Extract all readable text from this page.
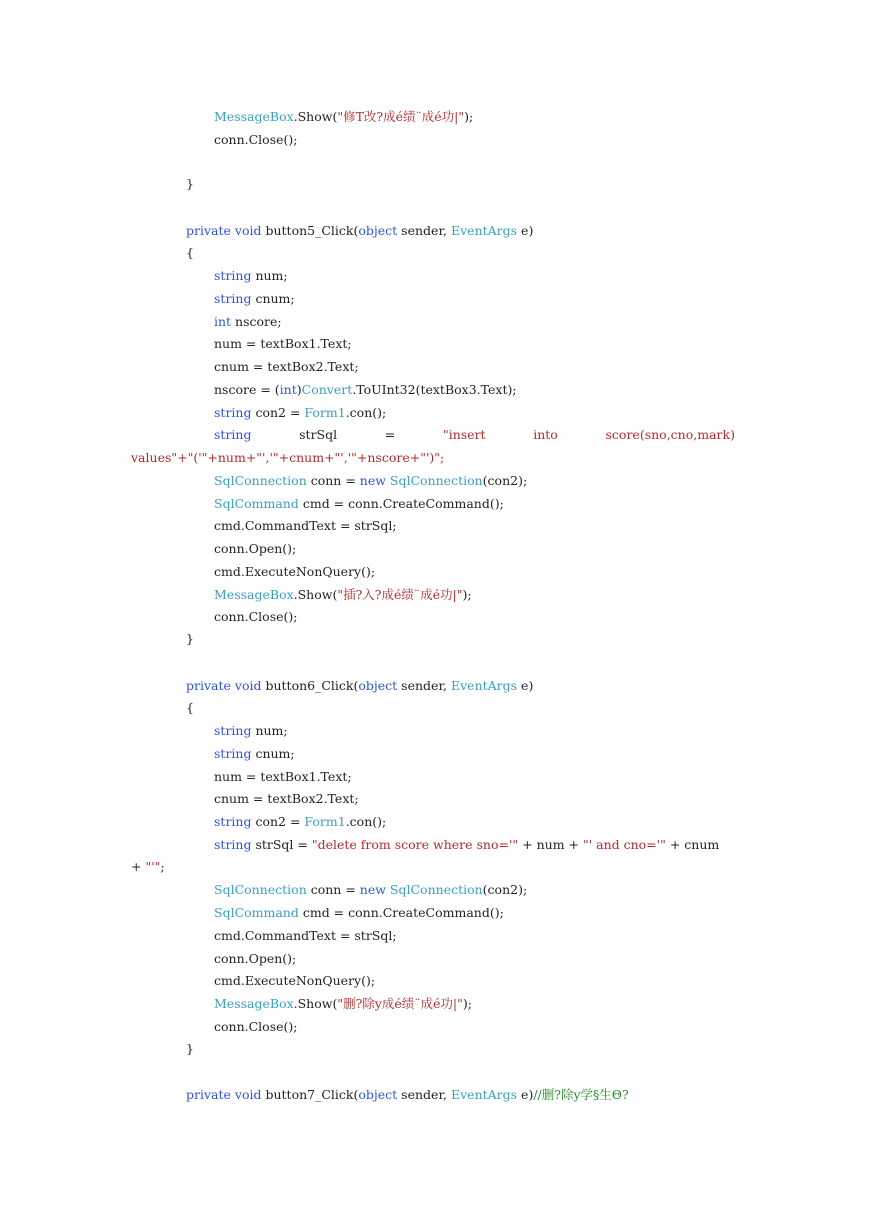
MessageBox.Show("修T改?成é绩¨成é功|");
conn.Close();
}
private void button5_Click(object sender, EventArgs e)
{
string num;
string cnum;
int nscore;
num = textBox1.Text;
cnum = textBox2.Text;
nscore = (int)Convert.ToUInt32(textBox3.Text);
string con2 = Form1.con();
values"+"('"+num+"','"+cnum+"','"+nscore+"')";
SqlConnection conn = new SqlConnection(con2);
SqlCommand cmd = conn.CreateCommand();
cmd.CommandText = strSql;
conn.Open();
cmd.ExecuteNonQuery();
MessageBox.Show("插?入?成é绩¨成é功|");
conn.Close();
}
private void button6_Click(object sender, EventArgs e)
{
string num;
string cnum;
num = textBox1.Text;
cnum = textBox2.Text;
string con2 = Form1.con();
string strSql = "delete from score where sno='" + num + "' and cno='" + cnum
+ "'";
SqlConnection conn = new SqlConnection(con2);
SqlCommand cmd = conn.CreateCommand();
cmd.CommandText = strSql;
conn.Open();
cmd.ExecuteNonQuery();
MessageBox.Show("删?除y成é绩¨成é功|");
conn.Close();
}
private void button7_Click(object sender, EventArgs e)//删?除y学§生Θ?
string	strSql	=	"insert	into	score(sno,cno,mark)
